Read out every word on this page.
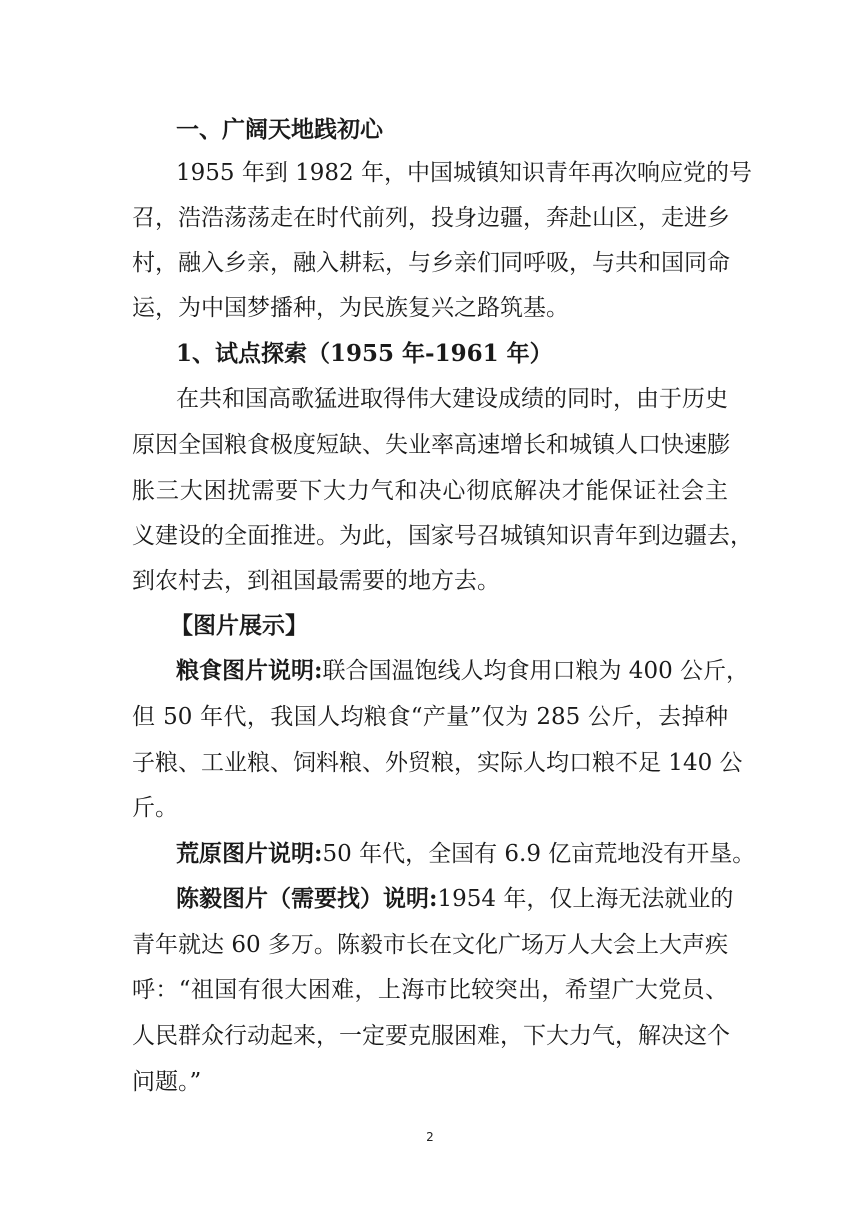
一、广阔天地践初心
1955 年到 1982 年，中国城镇知识青年再次响应党的号
召，浩浩荡荡走在时代前列，投身边疆，奔赴山区，走进乡
村，融入乡亲，融入耕耘，与乡亲们同呼吸，与共和国同命
运，为中国梦播种，为民族复兴之路筑基。
1、试点探索（1955 年-1961 年）
在共和国高歌猛进取得伟大建设成绩的同时，由于历史
原因全国粮食极度短缺、失业率高速增长和城镇人口快速膨
胀三大困扰需要下大力气和决心彻底解决才能保证社会主
义建设的全面推进。为此，国家号召城镇知识青年到边疆去，
到农村去，到祖国最需要的地方去。
【图片展示】
粮食图片说明:联合国温饱线人均食用口粮为 400 公斤，
但 50 年代，我国人均粮食“产量”仅为 285 公斤，去掉种
子粮、工业粮、饲料粮、外贸粮，实际人均口粮不足 140 公
斤。
荒原图片说明:50 年代，全国有 6.9 亿亩荒地没有开垦。
陈毅图片（需要找）说明:1954 年，仅上海无法就业的
青年就达 60 多万。陈毅市长在文化广场万人大会上大声疾
呼：“祖国有很大困难，上海市比较突出，希望广大党员、
人民群众行动起来，一定要克服困难，下大力气，解决这个
问题。”
2
